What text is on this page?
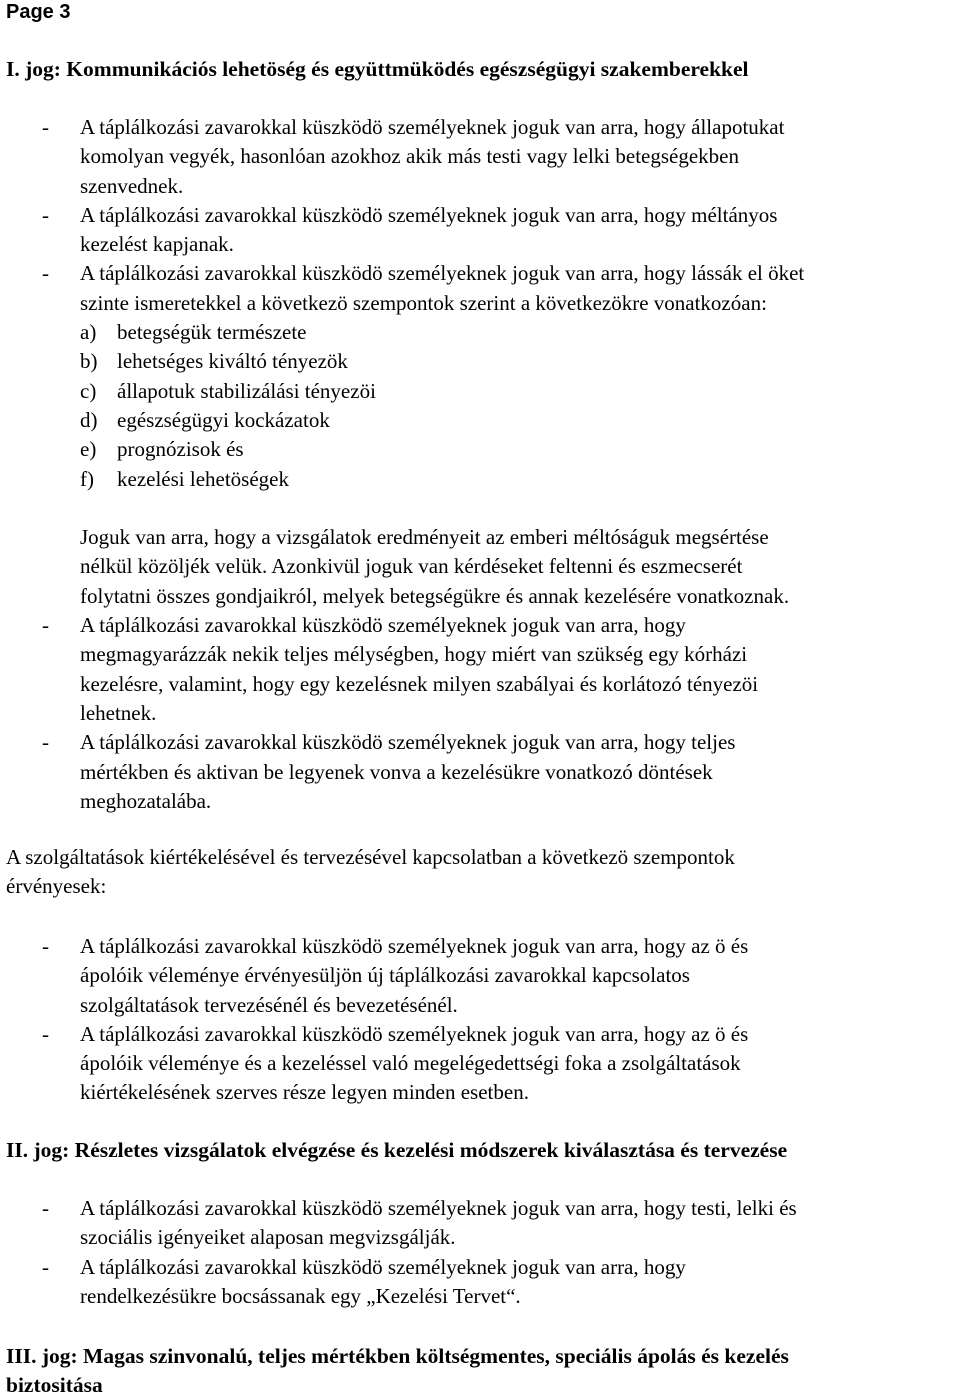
Page 3
I. jog: Kommunikációs lehetöség és együttmüködés egészségügyi szakemberekkel
- A táplálkozási zavarokkal küszködö személyeknek joguk van arra, hogy állapotukat
komolyan vegyék, hasonlóan azokhoz akik más testi vagy lelki betegségekben
szenvednek.
- A táplálkozási zavarokkal küszködö személyeknek joguk van arra, hogy méltányos
kezelést kapjanak.
- A táplálkozási zavarokkal küszködö személyeknek joguk van arra, hogy lássák el öket
szinte ismeretekkel a következö szempontok szerint a következökre vonatkozóan:
a) betegségük természete
b) lehetséges kiváltó tényezök
c) állapotuk stabilizálási tényezöi
d) egészségügyi kockázatok
e) prognózisok és
f) kezelési lehetöségek
Joguk van arra, hogy a vizsgálatok eredményeit az emberi méltóságuk megsértése
nélkül közöljék velük. Azonkivül joguk van kérdéseket feltenni és eszmecserét
folytatni összes gondjaikról, melyek betegségükre és annak kezelésére vonatkoznak.
- A táplálkozási zavarokkal küszködö személyeknek joguk van arra, hogy
megmagyarázzák nekik teljes mélységben, hogy miért van szükség egy kórházi
kezelésre, valamint, hogy egy kezelésnek milyen szabályai és korlátozó tényezöi
lehetnek.
- A táplálkozási zavarokkal küszködö személyeknek joguk van arra, hogy teljes
mértékben és aktivan be legyenek vonva a kezelésükre vonatkozó döntések
meghozatalába.
A szolgáltatások kiértékelésével és tervezésével kapcsolatban a következö szempontok
érvényesek:
- A táplálkozási zavarokkal küszködö személyeknek joguk van arra, hogy az ö és
ápolóik véleménye érvényesüljön új táplálkozási zavarokkal kapcsolatos
szolgáltatások tervezésénél és bevezetésénél.
- A táplálkozási zavarokkal küszködö személyeknek joguk van arra, hogy az ö és
ápolóik véleménye és a kezeléssel való megelégedettségi foka a zsolgáltatások
kiértékelésének szerves része legyen minden esetben.
II. jog: Részletes vizsgálatok elvégzése és kezelési módszerek kiválasztása és tervezése
- A táplálkozási zavarokkal küszködö személyeknek joguk van arra, hogy testi, lelki és
szociális igényeiket alaposan megvizsgálják.
- A táplálkozási zavarokkal küszködö személyeknek joguk van arra, hogy
rendelkezésükre bocsássanak egy „Kezelési Tervet“.
III. jog: Magas szinvonalú, teljes mértékben költségmentes, speciális ápolás és kezelés
biztositása
